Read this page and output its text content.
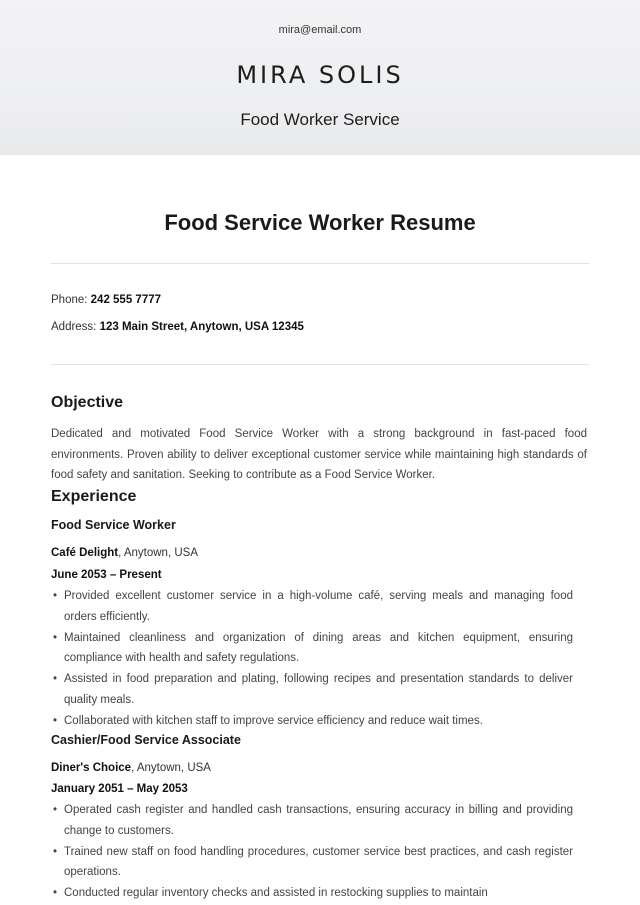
mira@email.com
MIRA SOLIS
Food Worker Service
Food Service Worker Resume
Phone: 242 555 7777
Address: 123 Main Street, Anytown, USA 12345
Objective
Dedicated and motivated Food Service Worker with a strong background in fast-paced food environments. Proven ability to deliver exceptional customer service while maintaining high standards of food safety and sanitation. Seeking to contribute as a Food Service Worker.
Experience
Food Service Worker
Café Delight, Anytown, USA
June 2053 – Present
• Provided excellent customer service in a high-volume café, serving meals and managing food orders efficiently.
• Maintained cleanliness and organization of dining areas and kitchen equipment, ensuring compliance with health and safety regulations.
• Assisted in food preparation and plating, following recipes and presentation standards to deliver quality meals.
• Collaborated with kitchen staff to improve service efficiency and reduce wait times.
Cashier/Food Service Associate
Diner's Choice, Anytown, USA
January 2051 – May 2053
• Operated cash register and handled cash transactions, ensuring accuracy in billing and providing change to customers.
• Trained new staff on food handling procedures, customer service best practices, and cash register operations.
• Conducted regular inventory checks and assisted in restocking supplies to maintain
